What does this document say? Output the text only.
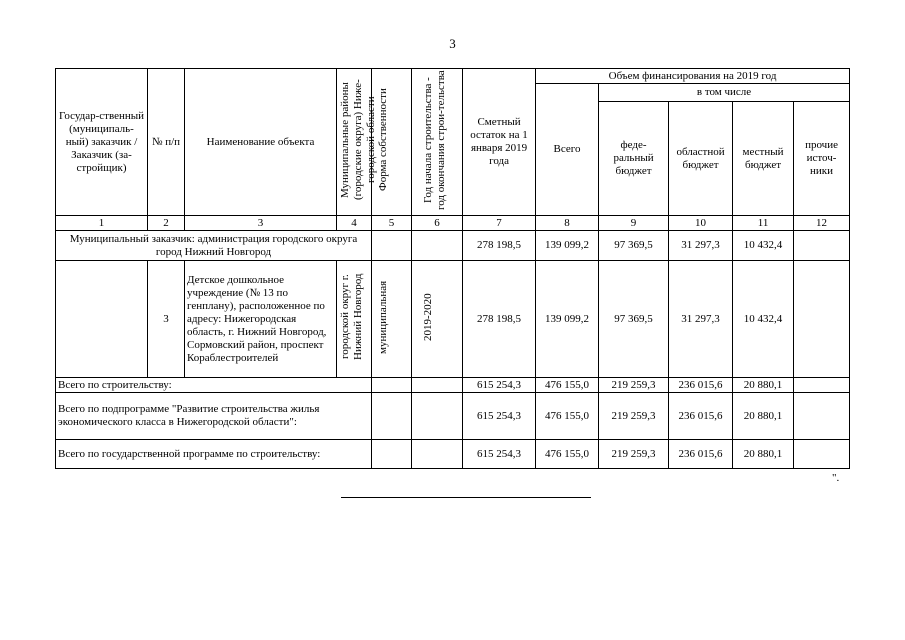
3
Государ-ственный (муниципаль-ный) заказчик / Заказчик (за-стройщик)	№ п/п	Наименование объекта	Муниципальные районы (городские округа) Ниже-городской области	Форма собственности	Год начала строительства - год окончания строи-тельства	Сметный остаток на 1 января 2019 года	Объем финансирования на 2019 год				
							Всего	в том числе			
								феде-ральный бюджет	областной бюджет	местный бюджет	прочие источ-ники
1	2	3	4	5	6	7	8	9	10	11	12
Муниципальный заказчик: администрация городского округа город Нижний Новгород						278 198,5	139 099,2	97 369,5	31 297,3	10 432,4	
	3	Детское дошкольное учреждение (№ 13 по генплану), расположенное по адресу: Нижегородская область, г. Нижний Новгород, Сормовский район, проспект Кораблестроителей	городской округ г. Нижний Новгород	муниципальная	2019-2020	278 198,5	139 099,2	97 369,5	31 297,3	10 432,4	
Всего по строительству:						615 254,3	476 155,0	219 259,3	236 015,6	20 880,1	
Всего по подпрограмме "Развитие строительства жилья экономического класса в Нижегородской области":						615 254,3	476 155,0	219 259,3	236 015,6	20 880,1	
Всего по государственной программе по строительству:						615 254,3	476 155,0	219 259,3	236 015,6	20 880,1	
".
